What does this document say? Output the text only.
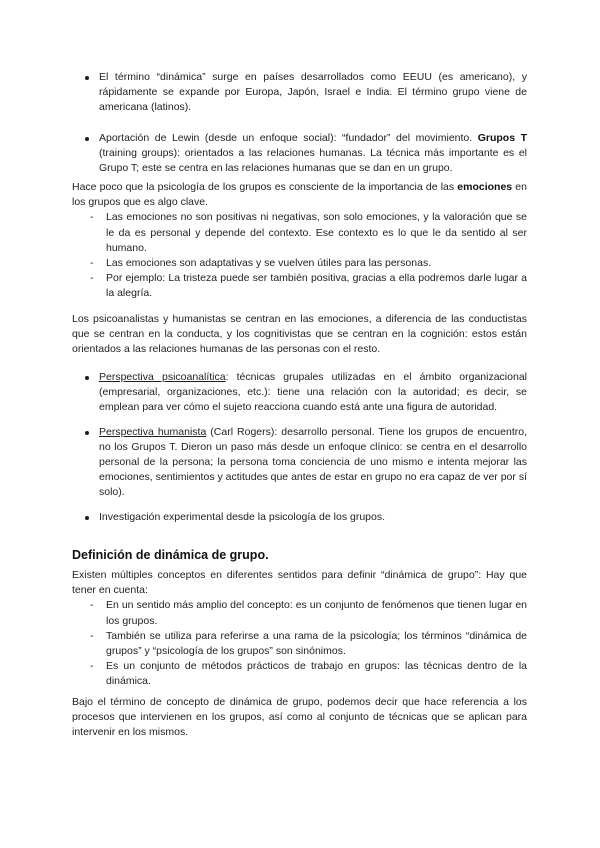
El término “dinámica” surge en países desarrollados como EEUU (es americano), y rápidamente se expande por Europa, Japón, Israel e India. El término grupo viene de americana (latinos).
Aportación de Lewin (desde un enfoque social): “fundador” del movimiento. Grupos T (training groups): orientados a las relaciones humanas. La técnica más importante es el Grupo T; este se centra en las relaciones humanas que se dan en un grupo.
Hace poco que la psicología de los grupos es consciente de la importancia de las emociones en los grupos que es algo clave.
- Las emociones no son positivas ni negativas, son solo emociones, y la valoración que se le da es personal y depende del contexto. Ese contexto es lo que le da sentido al ser humano.
- Las emociones son adaptativas y se vuelven útiles para las personas.
- Por ejemplo: La tristeza puede ser también positiva, gracias a ella podremos darle lugar a la alegría.
Los psicoanalistas y humanistas se centran en las emociones, a diferencia de las conductistas que se centran en la conducta, y los cognitivistas que se centran en la cognición: estos están orientados a las relaciones humanas de las personas con el resto.
Perspectiva psicoanalítica: técnicas grupales utilizadas en el ámbito organizacional (empresarial, organizaciones, etc.): tiene una relación con la autoridad; es decir, se emplean para ver cómo el sujeto reacciona cuando está ante una figura de autoridad.
Perspectiva humanista (Carl Rogers): desarrollo personal. Tiene los grupos de encuentro, no los Grupos T. Dieron un paso más desde un enfoque clínico: se centra en el desarrollo personal de la persona; la persona toma conciencia de uno mismo e intenta mejorar las emociones, sentimientos y actitudes que antes de estar en grupo no era capaz de ver por sí solo).
Investigación experimental desde la psicología de los grupos.
Definición de dinámica de grupo.
Existen múltiples conceptos en diferentes sentidos para definir “dinámica de grupo”: Hay que tener en cuenta:
- En un sentido más amplio del concepto: es un conjunto de fenómenos que tienen lugar en los grupos.
- También se utiliza para referirse a una rama de la psicología; los términos “dinámica de grupos” y “psicología de los grupos” son sinónimos.
- Es un conjunto de métodos prácticos de trabajo en grupos: las técnicas dentro de la dinámica.
Bajo el término de concepto de dinámica de grupo, podemos decir que hace referencia a los procesos que intervienen en los grupos, así como al conjunto de técnicas que se aplican para intervenir en los mismos.
